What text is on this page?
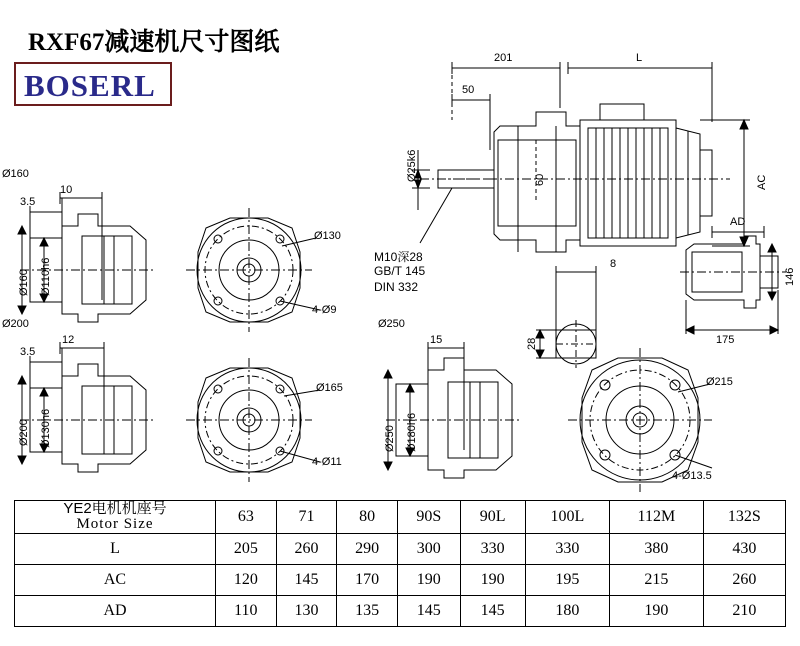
RXF67减速机尺寸图纸
BOSERL
Ø160
10
3.5
Ø160 Ø110h6
Ø130
4-Ø9
Ø200
12
3.5
Ø200 Ø130h6
Ø165
4-Ø11
Ø250
15
Ø250 Ø180h6
Ø215
4-Ø13.5
201	L
50
Ø25k6	60	AC
AD
146
175
8
28
M10深28
GB/T 145
DIN 332
YE2电机机座号
Motor Size	63	71	80	90S	90L	100L	112M	132S
L	205	260	290	300	330	330	380	430
AC	120	145	170	190	190	195	215	260
AD	110	130	135	145	145	180	190	210
